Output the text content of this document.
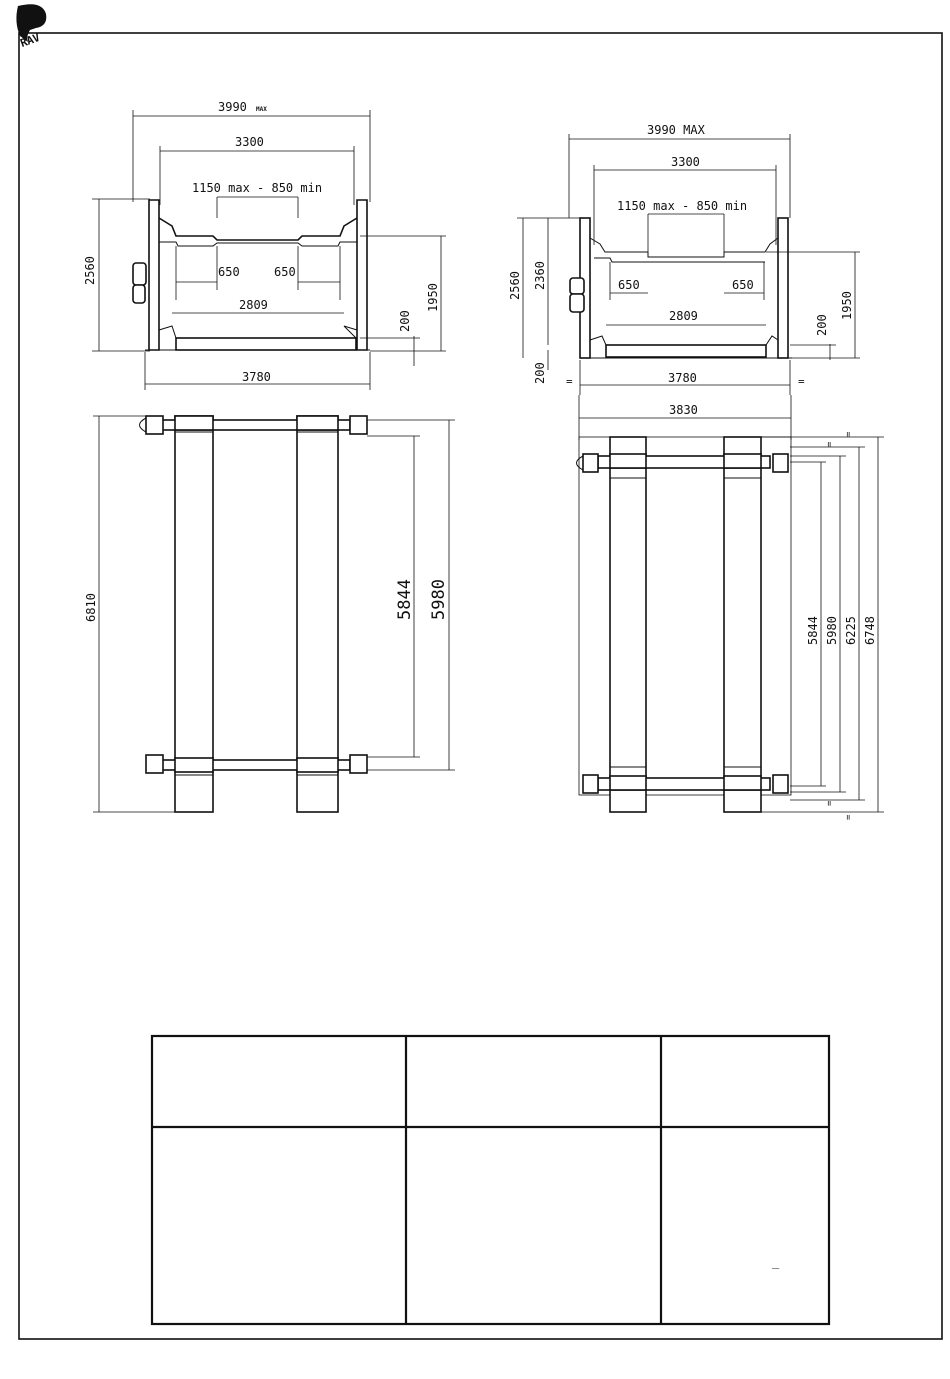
RAV
3990 MAX
3300
1150 max - 850 min
2560	650	650
2809	1950
200
3780
6810	5844 5980
3990 MAX
3300
1150 max - 850 min
2560 2360	650	650
2809	1950
200
200	3780
=	=
3830
5844 5980 6225 6748
=
=
=
=
_
